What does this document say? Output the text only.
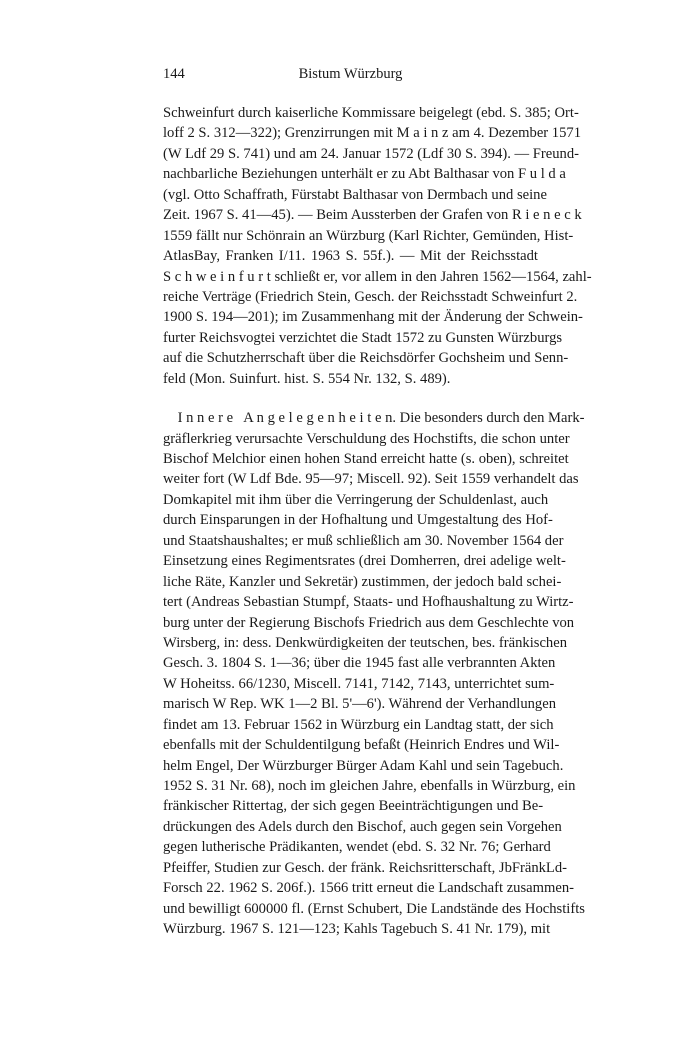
144	Bistum Würzburg
Schweinfurt durch kaiserliche Kommissare beigelegt (ebd. S. 385; Ort-
loff 2 S. 312—322); Grenzirrungen mit M a i n z am 4. Dezember 1571
(W Ldf 29 S. 741) und am 24. Januar 1572 (Ldf 30 S. 394). — Freund-
nachbarliche Beziehungen unterhält er zu Abt Balthasar von F u l d a
(vgl. Otto Schaffrath, Fürstabt Balthasar von Dermbach und seine
Zeit. 1967 S. 41—45). — Beim Aussterben der Grafen von R i e n e c k
1559 fällt nur Schönrain an Würzburg (Karl Richter, Gemünden, Hist-
AtlasBay, Franken I/11. 1963 S. 55f.). — Mit der Reichsstadt
S c h w e i n f u r t schließt er, vor allem in den Jahren 1562—1564, zahl-
reiche Verträge (Friedrich Stein, Gesch. der Reichsstadt Schweinfurt 2.
1900 S. 194—201); im Zusammenhang mit der Änderung der Schwein-
furter Reichsvogtei verzichtet die Stadt 1572 zu Gunsten Würzburgs
auf die Schutzherrschaft über die Reichsdörfer Gochsheim und Senn-
feld (Mon. Suinfurt. hist. S. 554 Nr. 132, S. 489).
I n n e r e   A n g e l e g e n h e i t e n. Die besonders durch den Mark-
gräflerkrieg verursachte Verschuldung des Hochstifts, die schon unter
Bischof Melchior einen hohen Stand erreicht hatte (s. oben), schreitet
weiter fort (W Ldf Bde. 95—97; Miscell. 92). Seit 1559 verhandelt das
Domkapitel mit ihm über die Verringerung der Schuldenlast, auch
durch Einsparungen in der Hofhaltung und Umgestaltung des Hof-
und Staatshaushaltes; er muß schließlich am 30. November 1564 der
Einsetzung eines Regimentsrates (drei Domherren, drei adelige welt-
liche Räte, Kanzler und Sekretär) zustimmen, der jedoch bald schei-
tert (Andreas Sebastian Stumpf, Staats- und Hofhaushaltung zu Wirtz-
burg unter der Regierung Bischofs Friedrich aus dem Geschlechte von
Wirsberg, in: dess. Denkwürdigkeiten der teutschen, bes. fränkischen
Gesch. 3. 1804 S. 1—36; über die 1945 fast alle verbrannten Akten
W Hoheitss. 66/1230, Miscell. 7141, 7142, 7143, unterrichtet sum-
marisch W Rep. WK 1—2 Bl. 5'—6'). Während der Verhandlungen
findet am 13. Februar 1562 in Würzburg ein Landtag statt, der sich
ebenfalls mit der Schuldentilgung befaßt (Heinrich Endres und Wil-
helm Engel, Der Würzburger Bürger Adam Kahl und sein Tagebuch.
1952 S. 31 Nr. 68), noch im gleichen Jahre, ebenfalls in Würzburg, ein
fränkischer Rittertag, der sich gegen Beeinträchtigungen und Be-
drückungen des Adels durch den Bischof, auch gegen sein Vorgehen
gegen lutherische Prädikanten, wendet (ebd. S. 32 Nr. 76; Gerhard
Pfeiffer, Studien zur Gesch. der fränk. Reichsritterschaft, JbFränkLd-
Forsch 22. 1962 S. 206f.). 1566 tritt erneut die Landschaft zusammen-
und bewilligt 600000 fl. (Ernst Schubert, Die Landstände des Hochstifts
Würzburg. 1967 S. 121—123; Kahls Tagebuch S. 41 Nr. 179), mit
